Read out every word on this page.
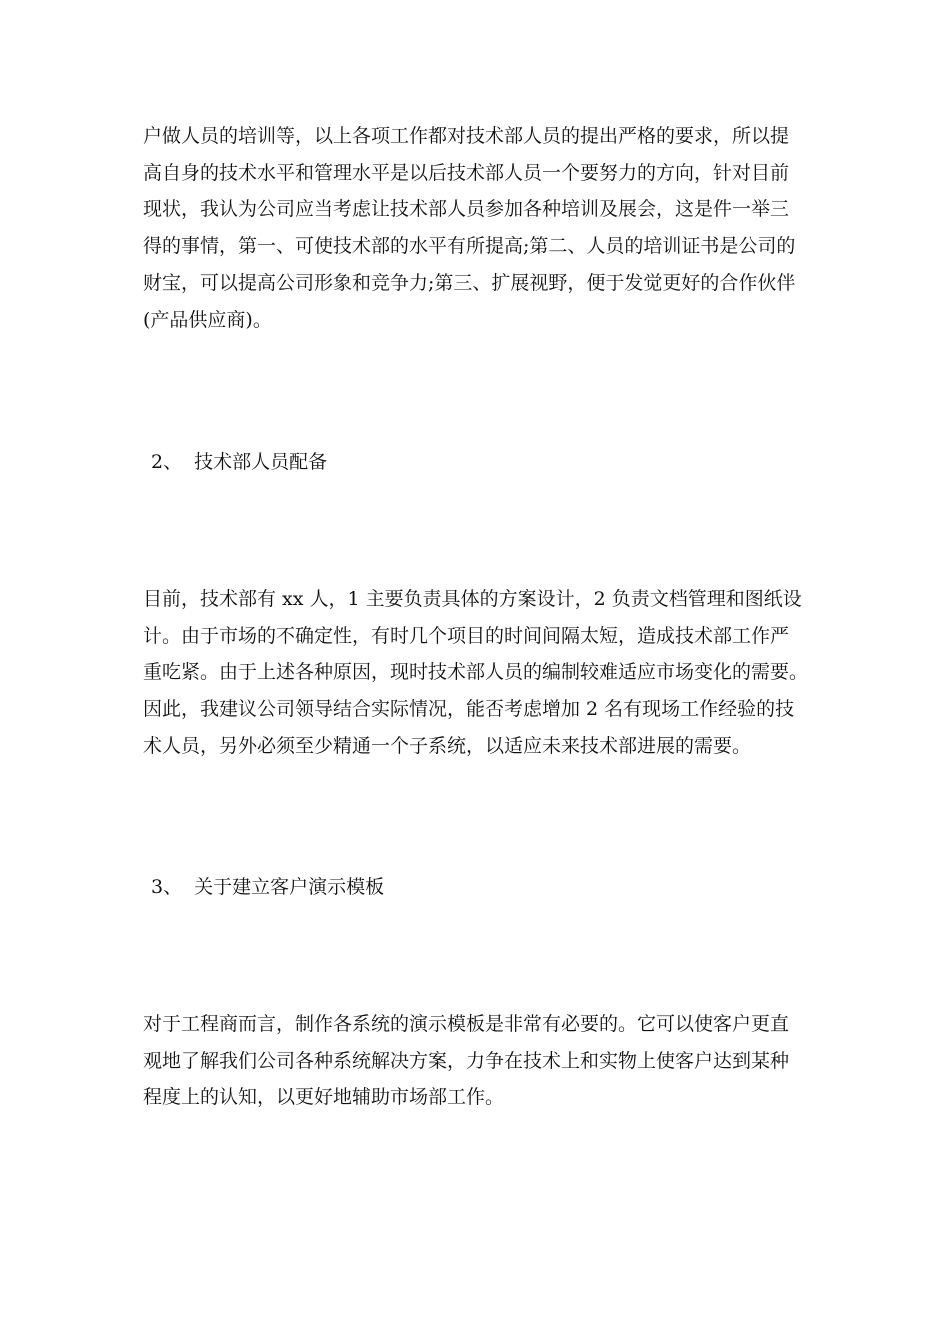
户做人员的培训等，以上各项工作都对技术部人员的提出严格的要求，所以提
高自身的技术水平和管理水平是以后技术部人员一个要努力的方向，针对目前
现状，我认为公司应当考虑让技术部人员参加各种培训及展会，这是件一举三
得的事情，第一、可使技术部的水平有所提高;第二、人员的培训证书是公司的
财宝，可以提高公司形象和竞争力;第三、扩展视野，便于发觉更好的合作伙伴
(产品供应商)。
2、  技术部人员配备
目前，技术部有 xx 人，1 主要负责具体的方案设计，2 负责文档管理和图纸设
计。由于市场的不确定性，有时几个项目的时间间隔太短，造成技术部工作严
重吃紧。由于上述各种原因，现时技术部人员的编制较难适应市场变化的需要。
因此，我建议公司领导结合实际情况，能否考虑增加 2 名有现场工作经验的技
术人员，另外必须至少精通一个子系统，以适应未来技术部进展的需要。
3、  关于建立客户演示模板
对于工程商而言，制作各系统的演示模板是非常有必要的。它可以使客户更直
观地了解我们公司各种系统解决方案，力争在技术上和实物上使客户达到某种
程度上的认知，以更好地辅助市场部工作。
